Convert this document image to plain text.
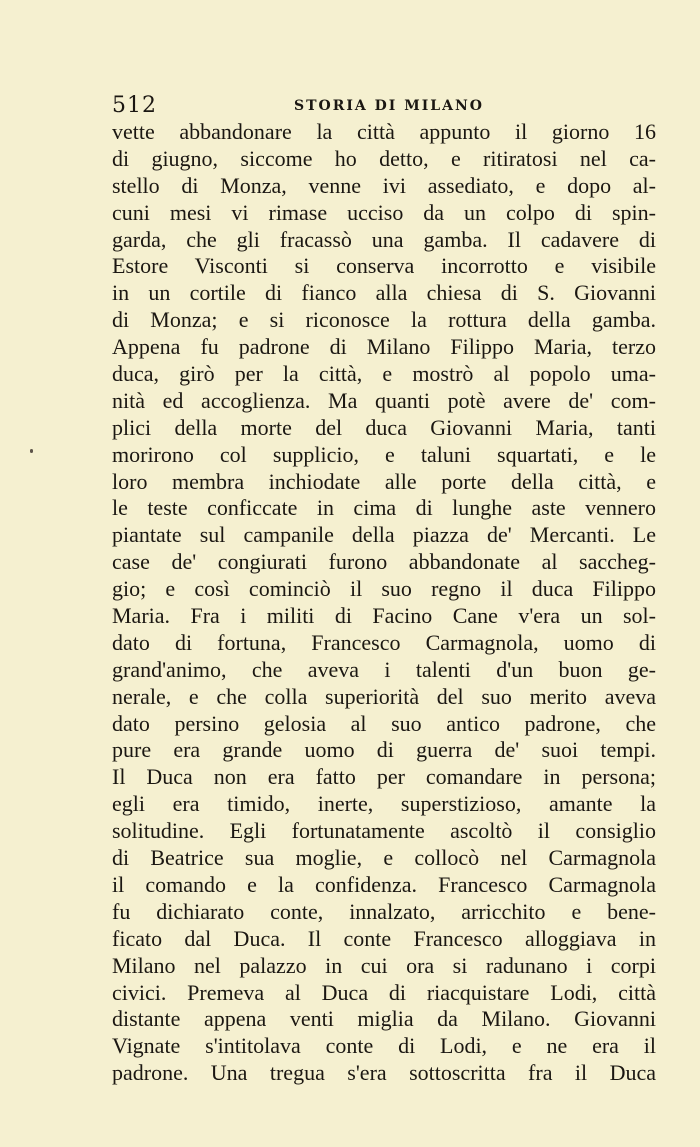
512	STORIA DI MILANO
vette abbandonare la città appunto il giorno 16
di giugno, siccome ho detto, e ritiratosi nel ca-
stello di Monza, venne ivi assediato, e dopo al-
cuni mesi vi rimase ucciso da un colpo di spin-
garda, che gli fracassò una gamba. Il cadavere di
Estore Visconti si conserva incorrotto e visibile
in un cortile di fianco alla chiesa di S. Giovanni
di Monza; e si riconosce la rottura della gamba.
Appena fu padrone di Milano Filippo Maria, terzo
duca, girò per la città, e mostrò al popolo uma-
nità ed accoglienza. Ma quanti potè avere de' com-
plici della morte del duca Giovanni Maria, tanti
morirono col supplicio, e taluni squartati, e le
loro membra inchiodate alle porte della città, e
le teste conficcate in cima di lunghe aste vennero
piantate sul campanile della piazza de' Mercanti. Le
case de' congiurati furono abbandonate al saccheg-
gio; e così cominciò il suo regno il duca Filippo
Maria. Fra i militi di Facino Cane v'era un sol-
dato di fortuna, Francesco Carmagnola, uomo di
grand'animo, che aveva i talenti d'un buon ge-
nerale, e che colla superiorità del suo merito aveva
dato persino gelosia al suo antico padrone, che
pure era grande uomo di guerra de' suoi tempi.
Il Duca non era fatto per comandare in persona;
egli era timido, inerte, superstizioso, amante la
solitudine. Egli fortunatamente ascoltò il consiglio
di Beatrice sua moglie, e collocò nel Carmagnola
il comando e la confidenza. Francesco Carmagnola
fu dichiarato conte, innalzato, arricchito e bene-
ficato dal Duca. Il conte Francesco alloggiava in
Milano nel palazzo in cui ora si radunano i corpi
civici. Premeva al Duca di riacquistare Lodi, città
distante appena venti miglia da Milano. Giovanni
Vignate s'intitolava conte di Lodi, e ne era il
padrone. Una tregua s'era sottoscritta fra il Duca
